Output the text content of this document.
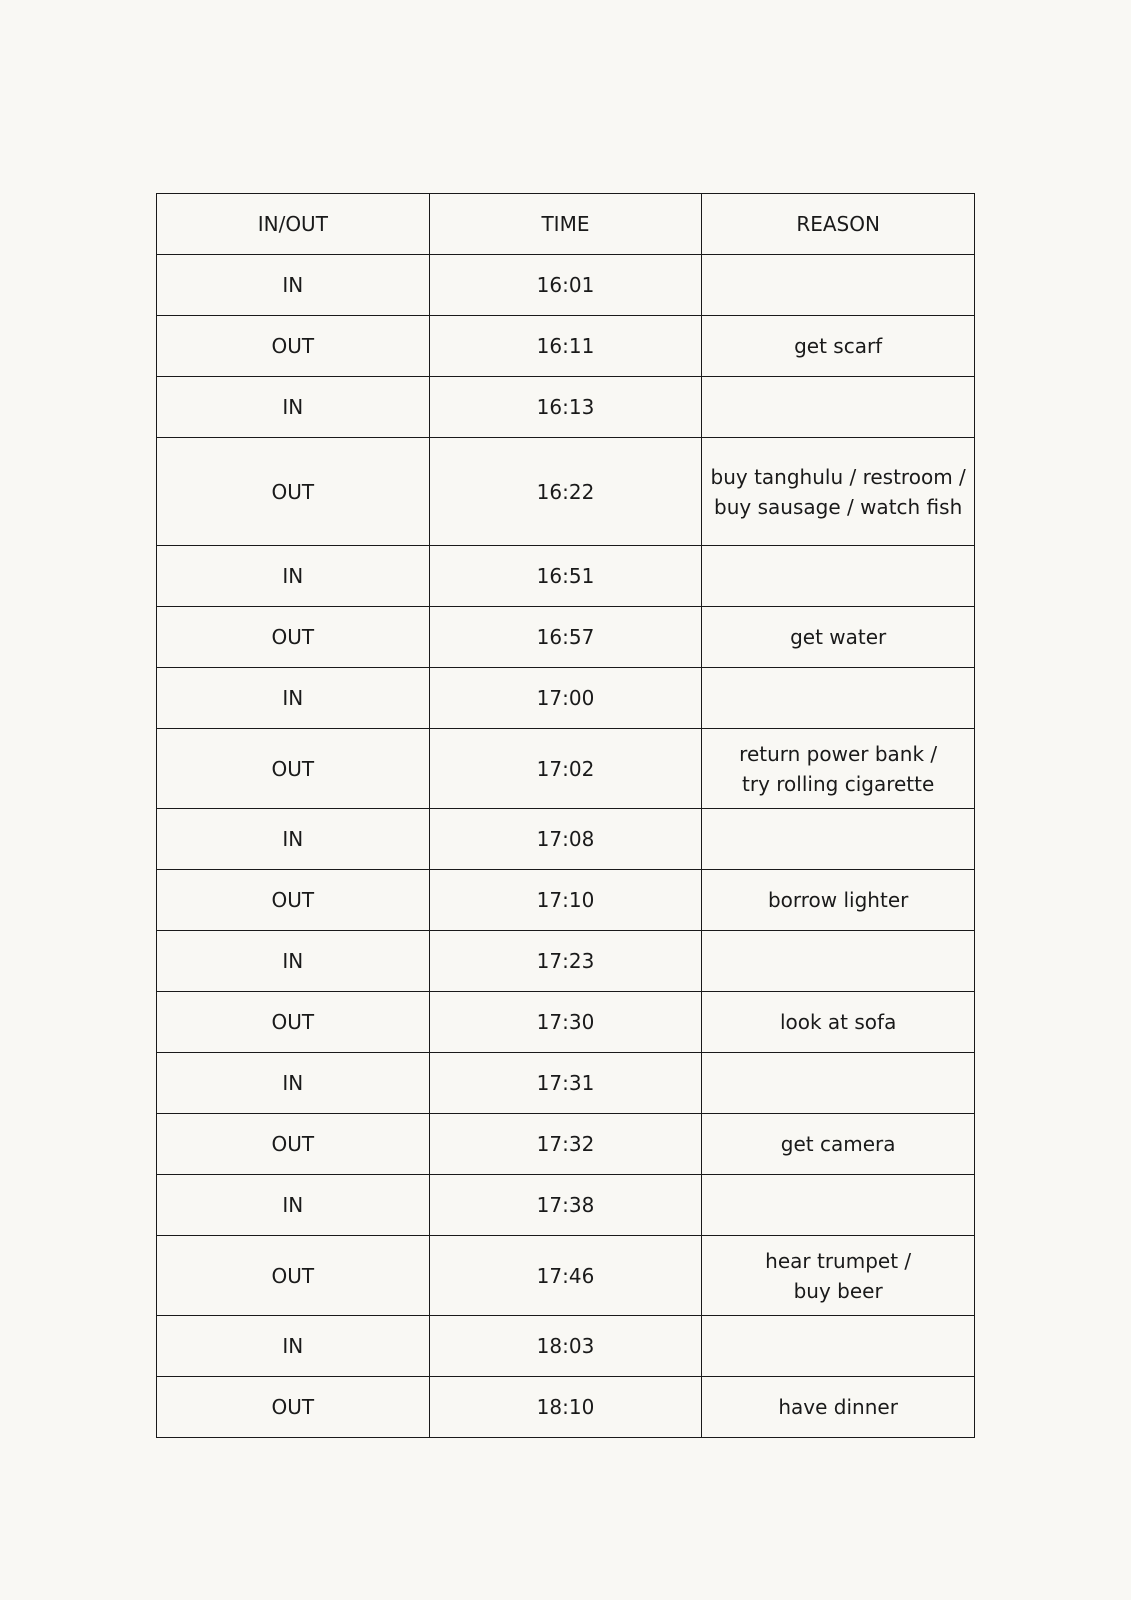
IN/OUT	TIME	REASON
IN	16:01	
OUT	16:11	get scarf
IN	16:13	
OUT	16:22	buy tanghulu / restroom /
buy sausage / watch fish
IN	16:51	
OUT	16:57	get water
IN	17:00	
OUT	17:02	return power bank /
try rolling cigarette
IN	17:08	
OUT	17:10	borrow lighter
IN	17:23	
OUT	17:30	look at sofa
IN	17:31	
OUT	17:32	get camera
IN	17:38	
OUT	17:46	hear trumpet /
buy beer
IN	18:03	
OUT	18:10	have dinner
